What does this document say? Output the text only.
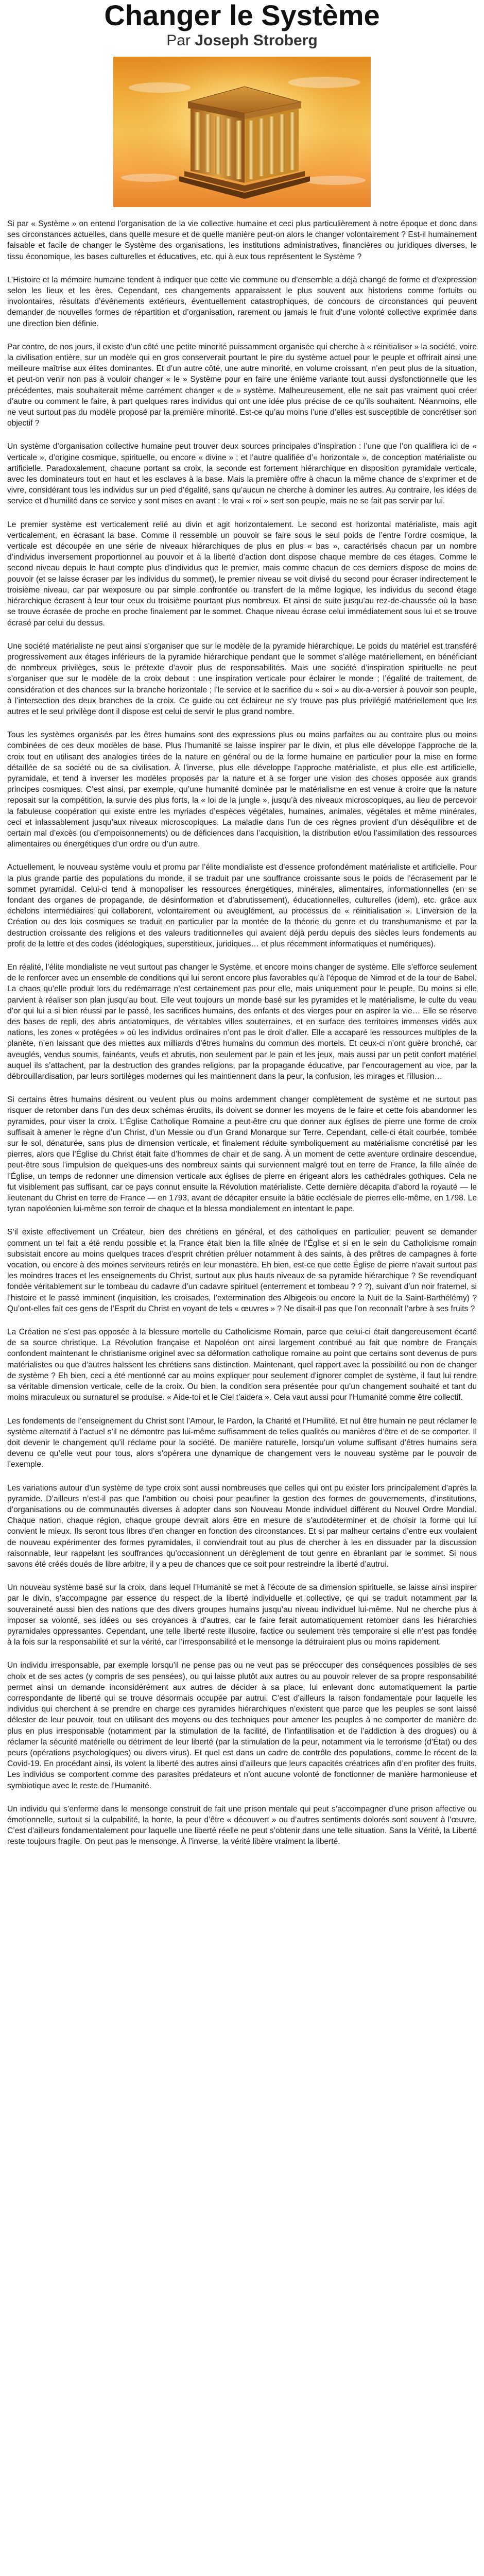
Changer le Système
Par Joseph Stroberg

Si par « Système » on entend l’organisation de la vie collective humaine et ceci plus particulièrement à notre époque et donc dans ses circonstances actuelles, dans quelle mesure et de quelle manière peut-on alors le changer volontairement ? Est-il humainement faisable et facile de changer le Système des organisations, les institutions administratives, financières ou juridiques diverses, le tissu économique, les bases culturelles et éducatives, etc. qui à eux tous représentent le Système ?

L’Histoire et la mémoire humaine tendent à indiquer que cette vie commune ou d’ensemble a déjà changé de forme et d’expression selon les lieux et les ères. Cependant, ces changements apparaissent le plus souvent aux historiens comme fortuits ou involontaires, résultats d’événements extérieurs, éventuellement catastrophiques, de concours de circonstances qui peuvent demander de nouvelles formes de répartition et d’organisation, rarement ou jamais le fruit d’une volonté collective exprimée dans une direction bien définie.

Par contre, de nos jours, il existe d’un côté une petite minorité puissamment organisée qui cherche à « réinitialiser » la société, voire la civilisation entière, sur un modèle qui en gros conserverait pourtant le pire du système actuel pour le peuple et offrirait ainsi une meilleure maîtrise aux élites dominantes. Et d’un autre côté, une autre minorité, en volume croissant, n’en peut plus de la situation, et peut-on venir non pas à vouloir changer « le » Système pour en faire une énième variante tout aussi dysfonctionnelle que les précédentes, mais souhaiterait même carrément changer « de » système. Malheureusement, elle ne sait pas vraiment quoi créer d’autre ou comment le faire, à part quelques rares individus qui ont une idée plus précise de ce qu’ils souhaitent. Néanmoins, elle ne veut surtout pas du modèle proposé par la première minorité. Est-ce qu’au moins l’une d’elles est susceptible de concrétiser son objectif ?

Un système d’organisation collective humaine peut trouver deux sources principales d’inspiration : l’une que l’on qualifiera ici de « verticale », d’origine cosmique, spirituelle, ou encore « divine » ; et l’autre qualifiée d’« horizontale », de conception matérialiste ou artificielle. Paradoxalement, chacune portant sa croix, la seconde est fortement hiérarchique en disposition pyramidale verticale, avec les dominateurs tout en haut et les esclaves à la base. Mais la première offre à chacun la même chance de s’exprimer et de vivre, considérant tous les individus sur un pied d’égalité, sans qu’aucun ne cherche à dominer les autres. Au contraire, les idées de service et d’humilité dans ce service y sont mises en avant : le vrai « roi » sert son peuple, mais ne se fait pas servir par lui.

Le premier système est verticalement relié au divin et agit horizontalement. Le second est horizontal matérialiste, mais agit verticalement, en écrasant la base. Comme il ressemble un pouvoir se faire sous le seul poids de l’entre l’ordre cosmique, la verticale est découpée en une série de niveaux hiérarchiques de plus en plus « bas », caractérisés chacun par un nombre d’individus inversement proportionnel au pouvoir et à la liberté d’action dont dispose chaque membre de ces étages. Comme le second niveau depuis le haut compte plus d’individus que le premier, mais comme chacun de ces derniers dispose de moins de pouvoir (et se laisse écraser par les individus du sommet), le premier niveau se voit divisé du second pour écraser indirectement le troisième niveau, car par wexposure ou par simple confrontée ou transfert de la même logique, les individus du second étage hiérarchique écrasent à leur tour ceux du troisième pourtant plus nombreux. Et ainsi de suite jusqu’au rez-de-chaussée où la base se trouve écrasée de proche en proche finalement par le sommet. Chaque niveau écrase celui immédiatement sous lui et se trouve écrasé par celui du dessus.

Une société matérialiste ne peut ainsi s’organiser que sur le modèle de la pyramide hiérarchique. Le poids du matériel est transféré progressivement aux étages inférieurs de la pyramide hiérarchique pendant que le sommet s’allège matériellement, en bénéficiant de nombreux privilèges, sous le prétexte d’avoir plus de responsabilités. Mais une société d’inspiration spirituelle ne peut s’organiser que sur le modèle de la croix debout : une inspiration verticale pour éclairer le monde ; l’égalité de traitement, de considération et des chances sur la branche horizontale ; l’le service et le sacrifice du « soi » au dix-a-versier à pouvoir son peuple, à l’intersection des deux branches de la croix. Ce guide ou cet éclaireur ne s’y trouve pas plus privilégié matériellement que les autres et le seul privilège dont il dispose est celui de servir le plus grand nombre.

Tous les systèmes organisés par les êtres humains sont des expressions plus ou moins parfaites ou au contraire plus ou moins combinées de ces deux modèles de base. Plus l’humanité se laisse inspirer par le divin, et plus elle développe l’approche de la croix tout en utilisant des analogies tirées de la nature en général ou de la forme humaine en particulier pour la mise en forme détaillée de sa société ou de sa civilisation. À l’inverse, plus elle développe l’approche matérialiste, et plus elle est artificielle, pyramidale, et tend à inverser les modèles proposés par la nature et à se forger une vision des choses opposée aux grands principes cosmiques. C’est ainsi, par exemple, qu’une humanité dominée par le matérialisme en est venue à croire que la nature reposait sur la compétition, la survie des plus forts, la « loi de la jungle », jusqu’à des niveaux microscopiques, au lieu de percevoir la fabuleuse coopération qui existe entre les myriades d’espèces végétales, humaines, animales, végétales et même minérales, ceci et inlassablement jusqu’aux niveaux microscopiques. La maladie dans l’un de ces règnes provient d’un déséquilibre et de certain mal d’excès (ou d’empoisonnements) ou de déficiences dans l’acquisition, la distribution et/ou l’assimilation des ressources alimentaires ou énergétiques d’un ordre ou d’un autre.

Actuellement, le nouveau système voulu et promu par l’élite mondialiste est d’essence profondément matérialiste et artificielle. Pour la plus grande partie des populations du monde, il se traduit par une souffrance croissante sous le poids de l’écrasement par le sommet pyramidal. Celui-ci tend à monopoliser les ressources énergétiques, minérales, alimentaires, informationnelles (en se fondant des organes de propagande, de désinformation et d’abrutissement), éducationnelles, culturelles (idem), etc. grâce aux échelons intermédiaires qui collaborent, volontairement ou aveuglément, au processus de « réinitialisation ». L’inversion de la Création ou des lois cosmiques se traduit en particulier par la montée de la théorie du genre et du transhumanisme et par la destruction croissante des religions et des valeurs traditionnelles qui avaient déjà perdu depuis des siècles leurs fondements au profit de la lettre et des codes (idéologiques, superstitieux, juridiques… et plus récemment informatiques et numériques).

En réalité, l’élite mondialiste ne veut surtout pas changer le Système, et encore moins changer de système. Elle s’efforce seulement de le renforcer avec un ensemble de conditions qui lui seront encore plus favorables qu’à l’époque de Nimrod et de la tour de Babel. La chaos qu’elle produit lors du redémarrage n’est certainement pas pour elle, mais uniquement pour le peuple. Du moins si elle parvient à réaliser son plan jusqu’au bout. Elle veut toujours un monde basé sur les pyramides et le matérialisme, le culte du veau d’or qui lui a si bien réussi par le passé, les sacrifices humains, des enfants et des vierges pour en aspirer la vie… Elle se réserve des bases de repli, des abris antiatomiques, de véritables villes souterraines, et en surface des territoires immenses vidés aux nations, les zones « protégées » où les individus ordinaires n’ont pas le droit d’aller. Elle a accaparé les ressources multiples de la planète, n’en laissant que des miettes aux milliards d’êtres humains du commun des mortels. Et ceux-ci n’ont guère bronché, car aveuglés, vendus soumis, fainéants, veufs et abrutis, non seulement par le pain et les jeux, mais aussi par un petit confort matériel auquel ils s’attachent, par la destruction des grandes religions, par la propagande éducative, par l’encouragement au vice, par la débrouillardisation, par leurs sortilèges modernes qui les maintiennent dans la peur, la confusion, les mirages et l’illusion…

Si certains êtres humains désirent ou veulent plus ou moins ardemment changer complètement de système et ne surtout pas risquer de retomber dans l’un des deux schémas érudits, ils doivent se donner les moyens de le faire et cette fois abandonner les pyramides, pour viser la croix. L’Église Catholique Romaine a peut-être cru que donner aux églises de pierre une forme de croix suffisait à amener le règne d’un Christ, d’un Messie ou d’un Grand Monarque sur Terre. Cependant, celle-ci était courbée, tombée sur le sol, dénaturée, sans plus de dimension verticale, et finalement réduite symboliquement au matérialisme concrétisé par les pierres, alors que l’Église du Christ était faite d’hommes de chair et de sang. À un moment de cette aventure ordinaire descendue, peut-être sous l’impulsion de quelques-uns des nombreux saints qui surviennent malgré tout en terre de France, la fille aînée de l’Église, un temps de redonner une dimension verticale aux églises de pierre en érigeant alors les cathédrales gothiques. Cela ne fut visiblement pas suffisant, car ce pays connut ensuite la Révolution matérialiste. Cette dernière décapita d’abord la royauté — le lieutenant du Christ en terre de France — en 1793, avant de décapiter ensuite la bâtie ecclésiale de pierres elle-même, en 1798. Le tyran napoléonien lui-même son terroir de chaque et la blessa mondialement en intentant le pape.

S’il existe effectivement un Créateur, bien des chrétiens en général, et des catholiques en particulier, peuvent se demander comment un tel fait a été rendu possible et la France était bien la fille aînée de l’Église et si en le sein du Catholicisme romain subsistait encore au moins quelques traces d’esprit chrétien préluer notamment à des saints, à des prêtres de campagnes à forte vocation, ou encore à des moines serviteurs retirés en leur monastère. Eh bien, est-ce que cette Église de pierre n’avait surtout pas les moindres traces et les enseignements du Christ, surtout aux plus hauts niveaux de sa pyramide hiérarchique ? Se revendiquant fondée véritablement sur le tombeau du cadavre d’un cadavre spirituel (enterrement et tombeau ? ? ?), suivant d’un noir fraternel, si l’histoire et le passé imminent (inquisition, les croisades, l’extermination des Albigeois ou encore la Nuit de la Saint-Barthélémy) ? Qu’ont-elles fait ces gens de l’Esprit du Christ en voyant de tels « œuvres » ? Ne disait-il pas que l’on reconnaît l’arbre à ses fruits ?

La Création ne s’est pas opposée à la blessure mortelle du Catholicisme Romain, parce que celui-ci était dangereusement écarté de sa source christique. La Révolution française et Napoléon ont ainsi largement contribué au fait que nombre de Français confondent maintenant le christianisme originel avec sa déformation catholique romaine au point que certains sont devenus de purs matérialistes ou que d’autres haïssent les chrétiens sans distinction. Maintenant, quel rapport avec la possibilité ou non de changer de système ? Eh bien, ceci a été mentionné car au moins expliquer pour seulement d’ignorer complet de système, il faut lui rendre sa véritable dimension verticale, celle de la croix. Ou bien, la condition sera présentée pour qu’un changement souhaité et tant du moins miraculeux ou surnaturel se produise. « Aide-toi et le Ciel t’aidera ». Cela vaut aussi pour l’Humanité comme être collectif.

Les fondements de l’enseignement du Christ sont l’Amour, le Pardon, la Charité et l’Humilité. Et nul être humain ne peut réclamer le système alternatif à l’actuel s’il ne démontre pas lui-même suffisamment de telles qualités ou manières d’être et de se comporter. Il doit devenir le changement qu’il réclame pour la société. De manière naturelle, lorsqu’un volume suffisant d’êtres humains sera devenu ce qu’elle veut pour tous, alors s’opérera une dynamique de changement vers le nouveau système par le pouvoir de l’exemple.

Les variations autour d’un système de type croix sont aussi nombreuses que celles qui ont pu exister lors principalement d’après la pyramide. D’ailleurs n’est-il pas que l’ambition ou choisi pour peaufiner la gestion des formes de gouvernements, d’institutions, d’organisations ou de communautés diverses à adopter dans son Nouveau Monde individuel différent du Nouvel Ordre Mondial. Chaque nation, chaque région, chaque groupe devrait alors être en mesure de s’autodéterminer et de choisir la forme qui lui convient le mieux. Ils seront tous libres d’en changer en fonction des circonstances. Et si par malheur certains d’entre eux voulaient de nouveau expérimenter des formes pyramidales, il conviendrait tout au plus de chercher à les en dissuader par la discussion raisonnable, leur rappelant les souffrances qu’occasionnent un dérèglement de tout genre en ébranlant par le sommet. Si nous savons été créés doués de libre arbitre, il y a peu de chances que ce soit pour restreindre la liberté d’autrui.

Un nouveau système basé sur la croix, dans lequel l’Humanité se met à l’écoute de sa dimension spirituelle, se laisse ainsi inspirer par le divin, s’accompagne par essence du respect de la liberté individuelle et collective, ce qui se traduit notamment par la souveraineté aussi bien des nations que des divers groupes humains jusqu’au niveau individuel lui-même. Nul ne cherche plus à imposer sa volonté, ses idées ou ses croyances à d’autres, car le faire ferait automatiquement retomber dans les hiérarchies pyramidales oppressantes. Cependant, une telle liberté reste illusoire, factice ou seulement très temporaire si elle n’est pas fondée à la fois sur la responsabilité et sur la vérité, car l’irresponsabilité et le mensonge la détruiraient plus ou moins rapidement.

Un individu irresponsable, par exemple lorsqu’il ne pense pas ou ne veut pas se préoccuper des conséquences possibles de ses choix et de ses actes (y compris de ses pensées), ou qui laisse plutôt aux autres ou au pouvoir relever de sa propre responsabilité permet ainsi un demande inconsidérément aux autres de décider à sa place, lui enlevant donc automatiquement la partie correspondante de liberté qui se trouve désormais occupée par autrui. C’est d’ailleurs la raison fondamentale pour laquelle les individus qui cherchent à se prendre en charge ces pyramides hiérarchiques n’existent que parce que les peuples se sont laissé délester de leur pouvoir, tout en utilisant des moyens ou des techniques pour amener les peuples à ne comporter de manière de plus en plus irresponsable (notamment par la stimulation de la facilité, de l’infantilisation et de l’addiction à des drogues) ou à réclamer la sécurité matérielle ou détriment de leur liberté (par la stimulation de la peur, notamment via le terrorisme (d’État) ou des peurs (opérations psychologiques) ou divers virus). Et quel est dans un cadre de contrôle des populations, comme le récent de la Covid-19. En procédant ainsi, ils volent la liberté des autres ainsi d’ailleurs que leurs capacités créatrices afin d’en profiter des fruits. Les individus se comportent comme des parasites prédateurs et n’ont aucune volonté de fonctionner de manière harmonieuse et symbiotique avec le reste de l’Humanité.

Un individu qui s’enferme dans le mensonge construit de fait une prison mentale qui peut s’accompagner d’une prison affective ou émotionnelle, surtout si la culpabilité, la honte, la peur d’être « découvert » ou d’autres sentiments dolorés sont souvent à l’œuvre. C’est d’ailleurs fondamentalement pour laquelle une liberté réelle ne peut s’obtenir dans une telle situation. Sans la Vérité, la Liberté reste toujours fragile. On peut pas le mensonge. À l’inverse, la vérité libère vraiment la liberté.
